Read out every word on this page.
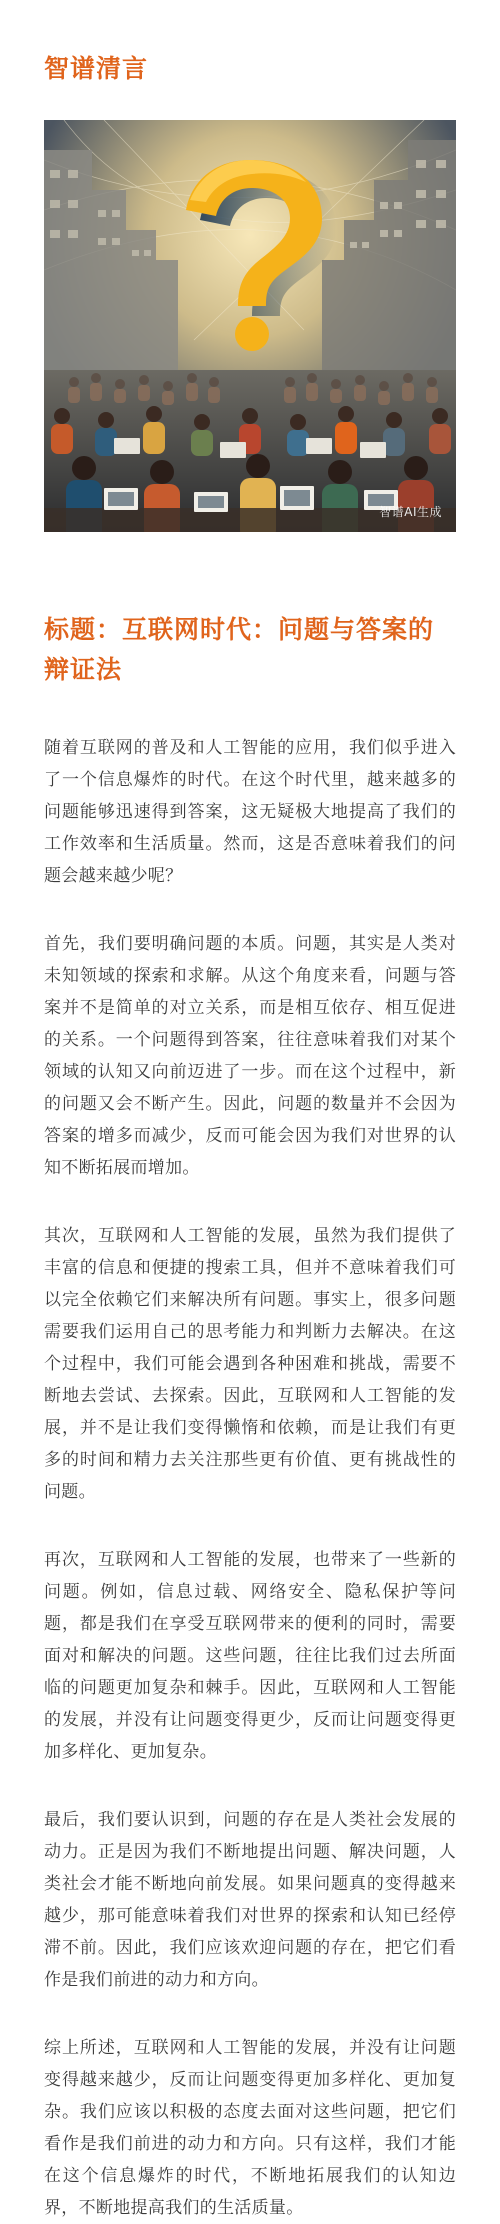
智谱清言
智谱AI生成
标题：互联网时代：问题与答案的辩证法

随着互联网的普及和人工智能的应用，我们似乎进入了一个信息爆炸的时代。在这个时代里，越来越多的问题能够迅速得到答案，这无疑极大地提高了我们的工作效率和生活质量。然而，这是否意味着我们的问题会越来越少呢？

首先，我们要明确问题的本质。问题，其实是人类对未知领域的探索和求解。从这个角度来看，问题与答案并不是简单的对立关系，而是相互依存、相互促进的关系。一个问题得到答案，往往意味着我们对某个领域的认知又向前迈进了一步。而在这个过程中，新的问题又会不断产生。因此，问题的数量并不会因为答案的增多而减少，反而可能会因为我们对世界的认知不断拓展而增加。

其次，互联网和人工智能的发展，虽然为我们提供了丰富的信息和便捷的搜索工具，但并不意味着我们可以完全依赖它们来解决所有问题。事实上，很多问题需要我们运用自己的思考能力和判断力去解决。在这个过程中，我们可能会遇到各种困难和挑战，需要不断地去尝试、去探索。因此，互联网和人工智能的发展，并不是让我们变得懒惰和依赖，而是让我们有更多的时间和精力去关注那些更有价值、更有挑战性的问题。

再次，互联网和人工智能的发展，也带来了一些新的问题。例如，信息过载、网络安全、隐私保护等问题，都是我们在享受互联网带来的便利的同时，需要面对和解决的问题。这些问题，往往比我们过去所面临的问题更加复杂和棘手。因此，互联网和人工智能的发展，并没有让问题变得更少，反而让问题变得更加多样化、更加复杂。

最后，我们要认识到，问题的存在是人类社会发展的动力。正是因为我们不断地提出问题、解决问题，人类社会才能不断地向前发展。如果问题真的变得越来越少，那可能意味着我们对世界的探索和认知已经停滞不前。因此，我们应该欢迎问题的存在，把它们看作是我们前进的动力和方向。

综上所述，互联网和人工智能的发展，并没有让问题变得越来越少，反而让问题变得更加多样化、更加复杂。我们应该以积极的态度去面对这些问题，把它们看作是我们前进的动力和方向。只有这样，我们才能在这个信息爆炸的时代，不断地拓展我们的认知边界，不断地提高我们的生活质量。
